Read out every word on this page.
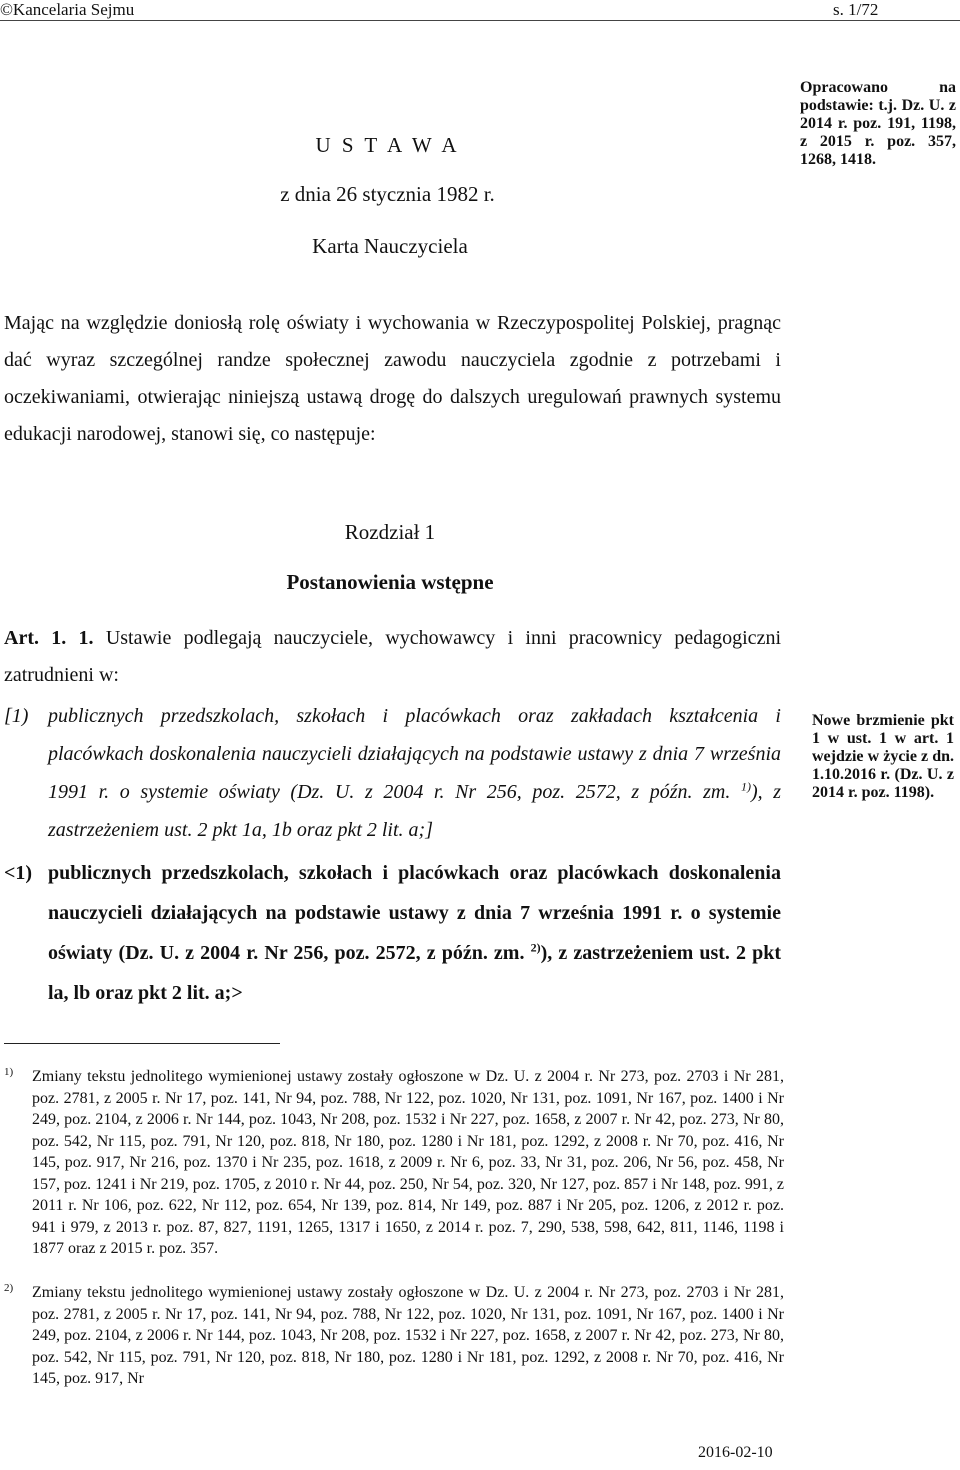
©Kancelaria Sejmu	s. 1/72
U S T A W A
z dnia 26 stycznia 1982 r.
Opracowano na podstawie: t.j. Dz. U. z 2014 r. poz. 191, 1198, z 2015 r. poz. 357, 1268, 1418.
Karta Nauczyciela
Mając na względzie doniosłą rolę oświaty i wychowania w Rzeczypospolitej Polskiej, pragnąc dać wyraz szczególnej randze społecznej zawodu nauczyciela zgodnie z potrzebami i oczekiwaniami, otwierając niniejszą ustawą drogę do dalszych uregulowań prawnych systemu edukacji narodowej, stanowi się, co następuje:
Rozdział 1
Postanowienia wstępne
Art. 1. 1. Ustawie podlegają nauczyciele, wychowawcy i inni pracownicy pedagogiczni zatrudnieni w:
[1) publicznych przedszkolach, szkołach i placówkach oraz zakładach kształcenia i placówkach doskonalenia nauczycieli działających na podstawie ustawy z dnia 7 września 1991 r. o systemie oświaty (Dz. U. z 2004 r. Nr 256, poz. 2572, z późn. zm. $^{1)}$), z zastrzeżeniem ust. 2 pkt 1a, 1b oraz pkt 2 lit. a;]
<1) publicznych przedszkolach, szkołach i placówkach oraz placówkach doskonalenia nauczycieli działających na podstawie ustawy z dnia 7 września 1991 r. o systemie oświaty (Dz. U. z 2004 r. Nr 256, poz. 2572, z późn. zm. $^{2)}$), z zastrzeżeniem ust. 2 pkt la, lb oraz pkt 2 lit. a;>
Nowe brzmienie pkt 1 w ust. 1 w art. 1 wejdzie w życie z dn. 1.10.2016 r. (Dz. U. z 2014 r. poz. 1198).
1) Zmiany tekstu jednolitego wymienionej ustawy zostały ogłoszone w Dz. U. z 2004 r. Nr 273, poz. 2703 i Nr 281, poz. 2781, z 2005 r. Nr 17, poz. 141, Nr 94, poz. 788, Nr 122, poz. 1020, Nr 131, poz. 1091, Nr 167, poz. 1400 i Nr 249, poz. 2104, z 2006 r. Nr 144, poz. 1043, Nr 208, poz. 1532 i Nr 227, poz. 1658, z 2007 r. Nr 42, poz. 273, Nr 80, poz. 542, Nr 115, poz. 791, Nr 120, poz. 818, Nr 180, poz. 1280 i Nr 181, poz. 1292, z 2008 r. Nr 70, poz. 416, Nr 145, poz. 917, Nr 216, poz. 1370 i Nr 235, poz. 1618, z 2009 r. Nr 6, poz. 33, Nr 31, poz. 206, Nr 56, poz. 458, Nr 157, poz. 1241 i Nr 219, poz. 1705, z 2010 r. Nr 44, poz. 250, Nr 54, poz. 320, Nr 127, poz. 857 i Nr 148, poz. 991, z 2011 r. Nr 106, poz. 622, Nr 112, poz. 654, Nr 139, poz. 814, Nr 149, poz. 887 i Nr 205, poz. 1206, z 2012 r. poz. 941 i 979, z 2013 r. poz. 87, 827, 1191, 1265, 1317 i 1650, z 2014 r. poz. 7, 290, 538, 598, 642, 811, 1146, 1198 i 1877 oraz z 2015 r. poz. 357.
2) Zmiany tekstu jednolitego wymienionej ustawy zostały ogłoszone w Dz. U. z 2004 r. Nr 273, poz. 2703 i Nr 281, poz. 2781, z 2005 r. Nr 17, poz. 141, Nr 94, poz. 788, Nr 122, poz. 1020, Nr 131, poz. 1091, Nr 167, poz. 1400 i Nr 249, poz. 2104, z 2006 r. Nr 144, poz. 1043, Nr 208, poz. 1532 i Nr 227, poz. 1658, z 2007 r. Nr 42, poz. 273, Nr 80, poz. 542, Nr 115, poz. 791, Nr 120, poz. 818, Nr 180, poz. 1280 i Nr 181, poz. 1292, z 2008 r. Nr 70, poz. 416, Nr 145, poz. 917, Nr
2016-02-10
